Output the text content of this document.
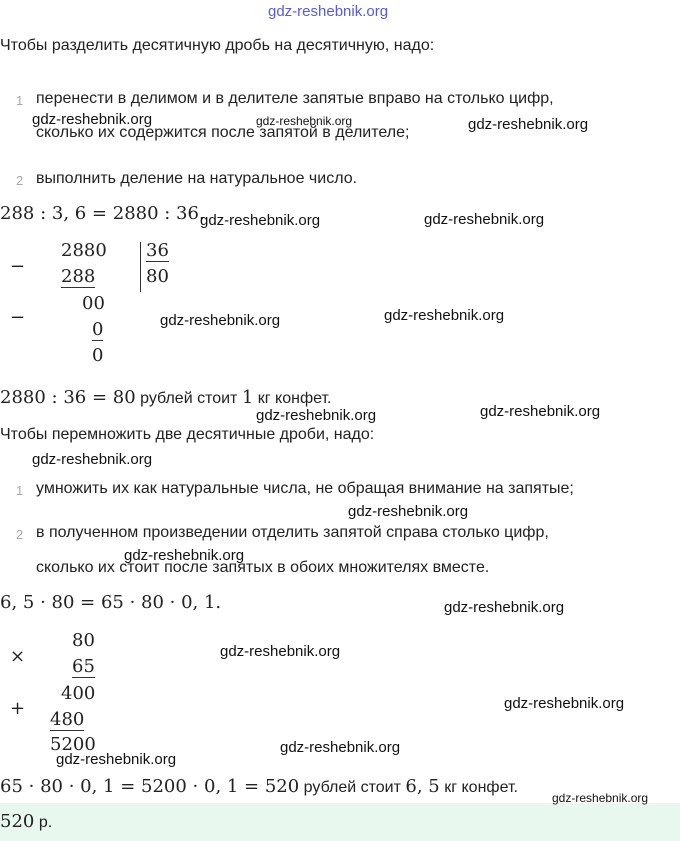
gdz-reshebnik.org
Чтобы разделить десятичную дробь на десятичную, надо:
1 перенести в делимом и в делителе запятые вправо на столько цифр,
сколько их содержится после запятой в делителе;
2 выполнить деление на натуральное число.
288 : 3, 6 = 2880 : 36.
−
2880
288
00
−
0
0
36
80
2880 : 36 = 80 рублей стоит 1 кг конфет.
Чтобы перемножить две десятичные дроби, надо:
1 умножить их как натуральные числа, не обращая внимание на запятые;
2 в полученном произведении отделить запятой справа столько цифр,
сколько их стоит после запятых в обоих множителях вместе.
6, 5 · 80 = 65 · 80 · 0, 1.
×
80
65
400
+
480
5200
65 · 80 · 0, 1 = 5200 · 0, 1 = 520 рублей стоит 6, 5 кг конфет.
520 р.
gdz-reshebnik.org	gdz-reshebnik.org	gdz-reshebnik.org
gdz-reshebnik.org	gdz-reshebnik.org
gdz-reshebnik.org	gdz-reshebnik.org
gdz-reshebnik.org	gdz-reshebnik.org
gdz-reshebnik.org
gdz-reshebnik.org
gdz-reshebnik.org
gdz-reshebnik.org
gdz-reshebnik.org
gdz-reshebnik.org
gdz-reshebnik.org
gdz-reshebnik.org
gdz-reshebnik.org
